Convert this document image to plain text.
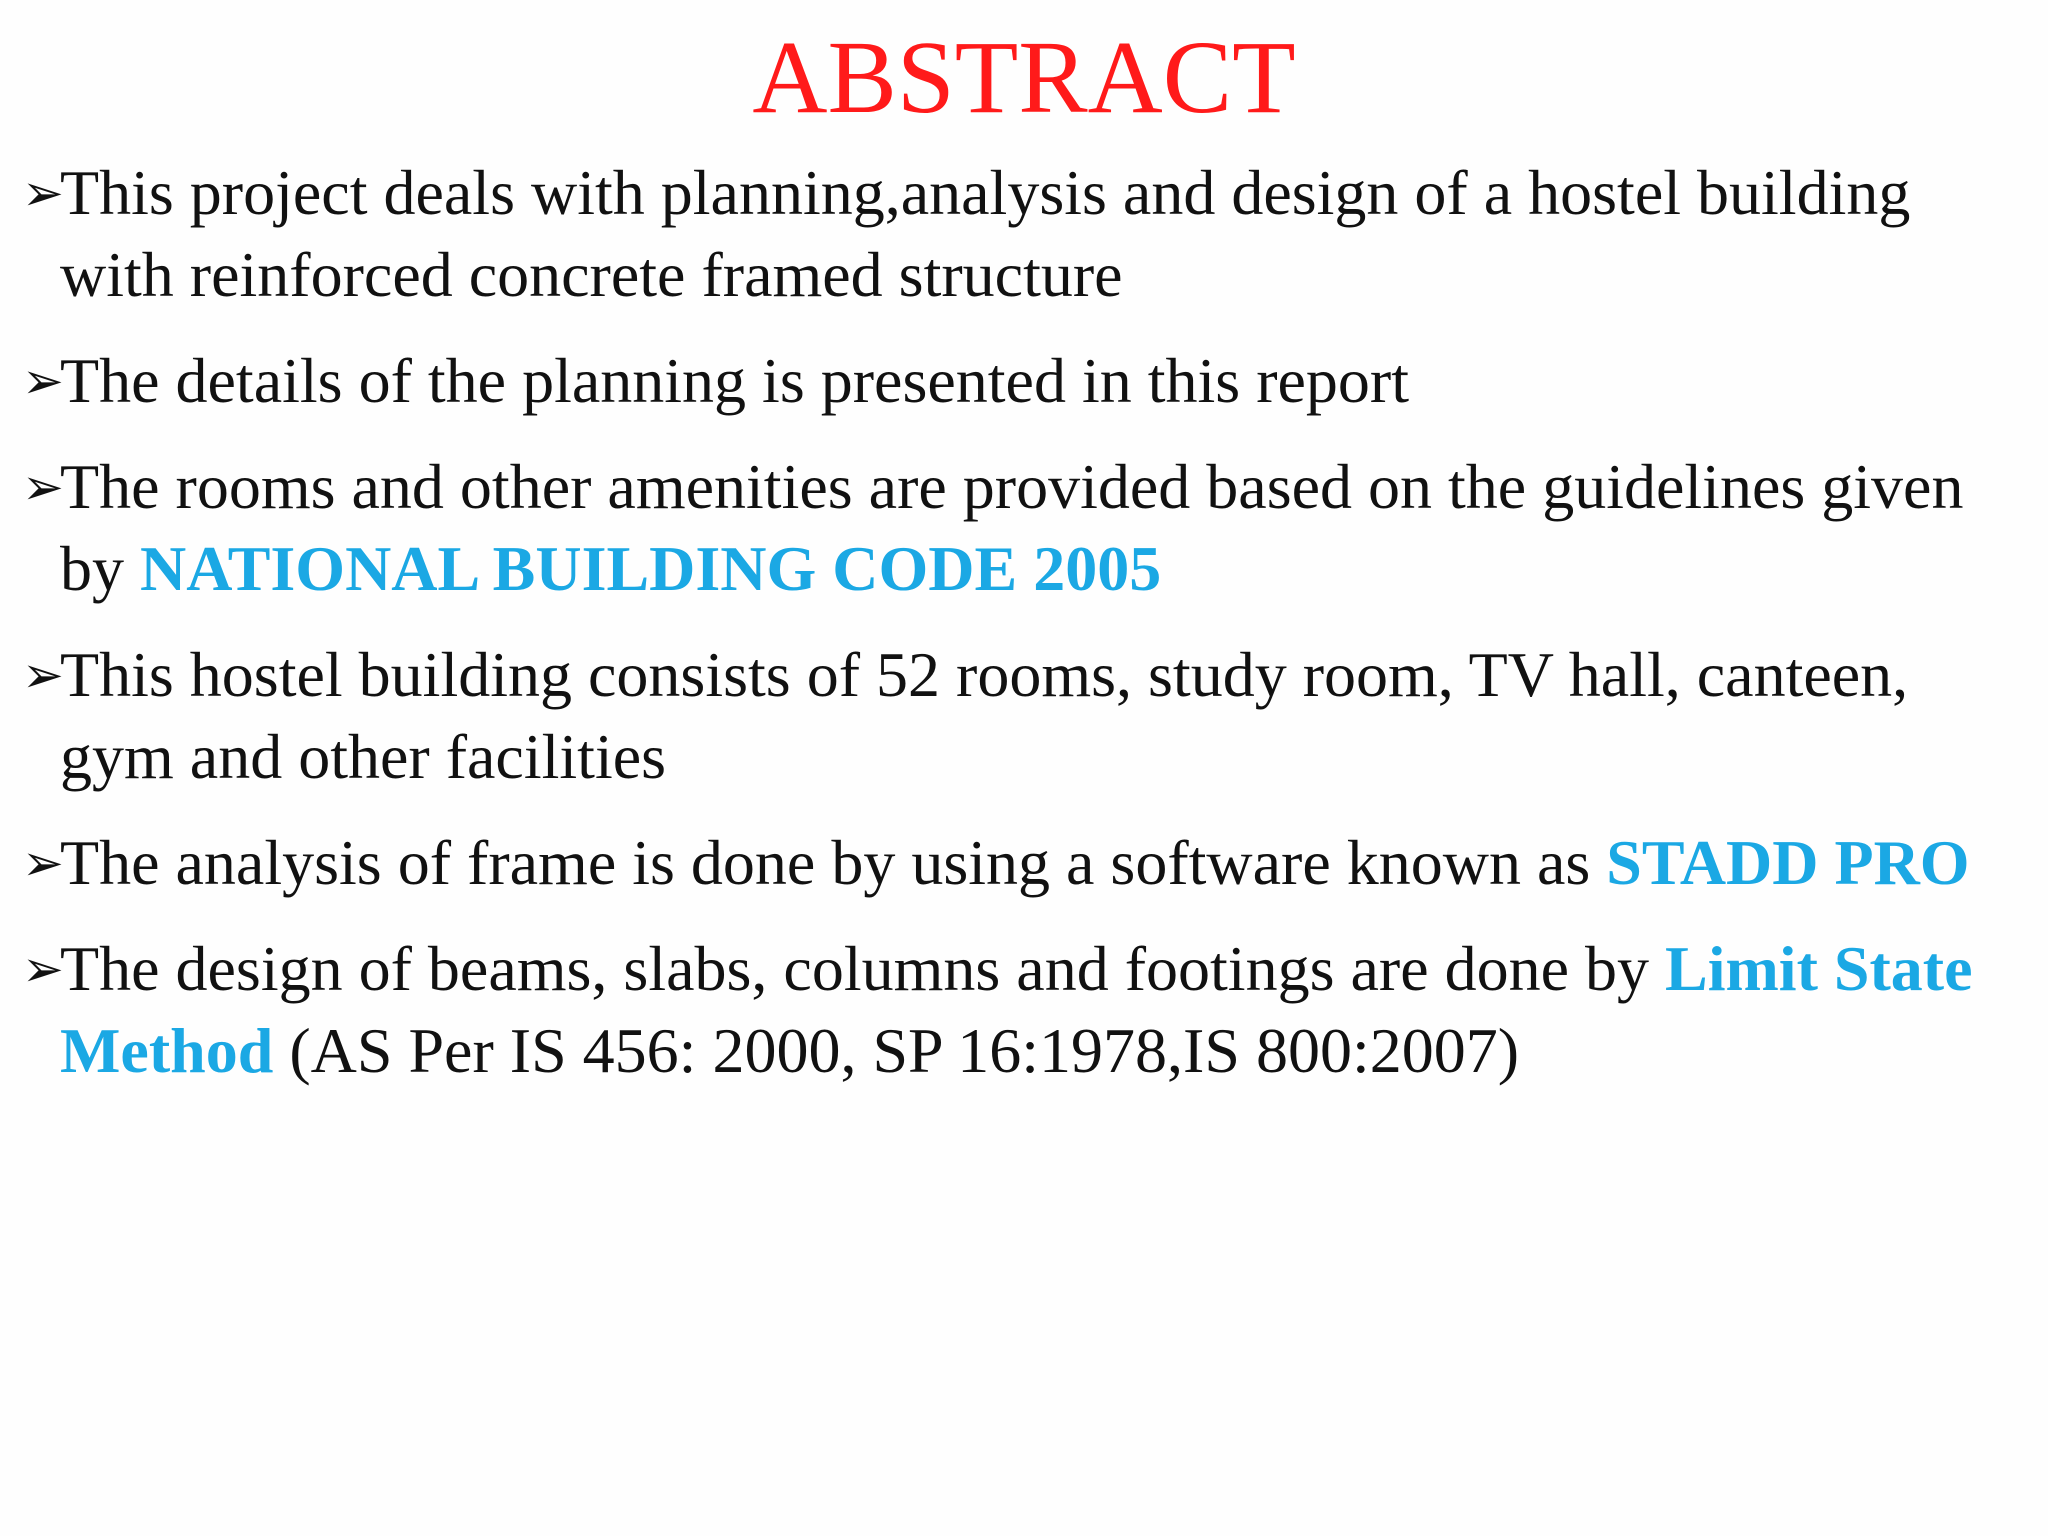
ABSTRACT
➢
This project deals with planning,analysis and design of a hostel building with reinforced concrete framed structure
➢
The details of the planning is presented in this report
➢
The rooms and other amenities are provided based on the guidelines given by NATIONAL BUILDING CODE 2005
➢
This hostel building consists of 52 rooms, study room, TV hall, canteen, gym and other facilities
➢
The analysis of frame is done by using a software known as STADD PRO
➢
The design of beams, slabs, columns and footings are done by Limit State Method (AS Per IS 456: 2000, SP 16:1978,IS 800:2007)
